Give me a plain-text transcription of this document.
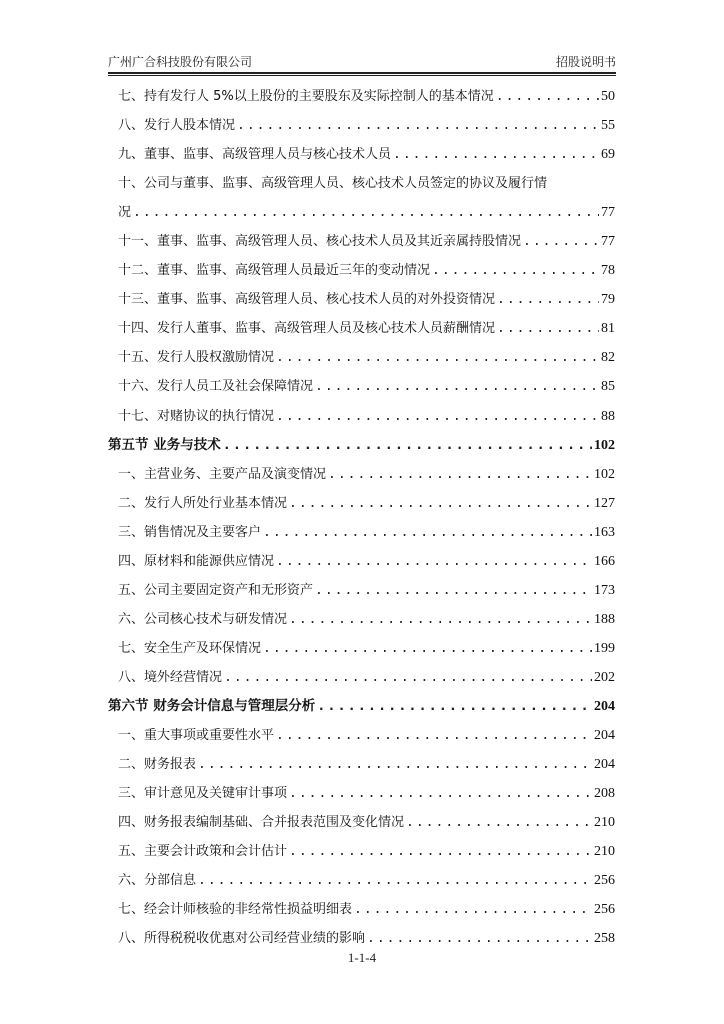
广州广合科技股份有限公司	招股说明书
七、持有发行人 5%以上股份的主要股东及实际控制人的基本情况 .....	50
八、发行人股本情况 .....	55
九、董事、监事、高级管理人员与核心技术人员 .....	69
十、公司与董事、监事、高级管理人员、核心技术人员签定的协议及履行情
况 .....	77
十一、董事、监事、高级管理人员、核心技术人员及其近亲属持股情况 .....	77
十二、董事、监事、高级管理人员最近三年的变动情况 .....	78
十三、董事、监事、高级管理人员、核心技术人员的对外投资情况 .....	79
十四、发行人董事、监事、高级管理人员及核心技术人员薪酬情况 .....	81
十五、发行人股权激励情况 .....	82
十六、发行人员工及社会保障情况 .....	85
十七、对赌协议的执行情况 .....	88
第五节 业务与技术 .....	102
一、主营业务、主要产品及演变情况 .....	102
二、发行人所处行业基本情况 .....	127
三、销售情况及主要客户 .....	163
四、原材料和能源供应情况 .....	166
五、公司主要固定资产和无形资产 .....	173
六、公司核心技术与研发情况 .....	188
七、安全生产及环保情况 .....	199
八、境外经营情况 .....	202
第六节 财务会计信息与管理层分析 .....	204
一、重大事项或重要性水平 .....	204
二、财务报表 .....	204
三、审计意见及关键审计事项 .....	208
四、财务报表编制基础、合并报表范围及变化情况 .....	210
五、主要会计政策和会计估计 .....	210
六、分部信息 .....	256
七、经会计师核验的非经常性损益明细表 .....	256
八、所得税税收优惠对公司经营业绩的影响 .....	258
1-1-4
